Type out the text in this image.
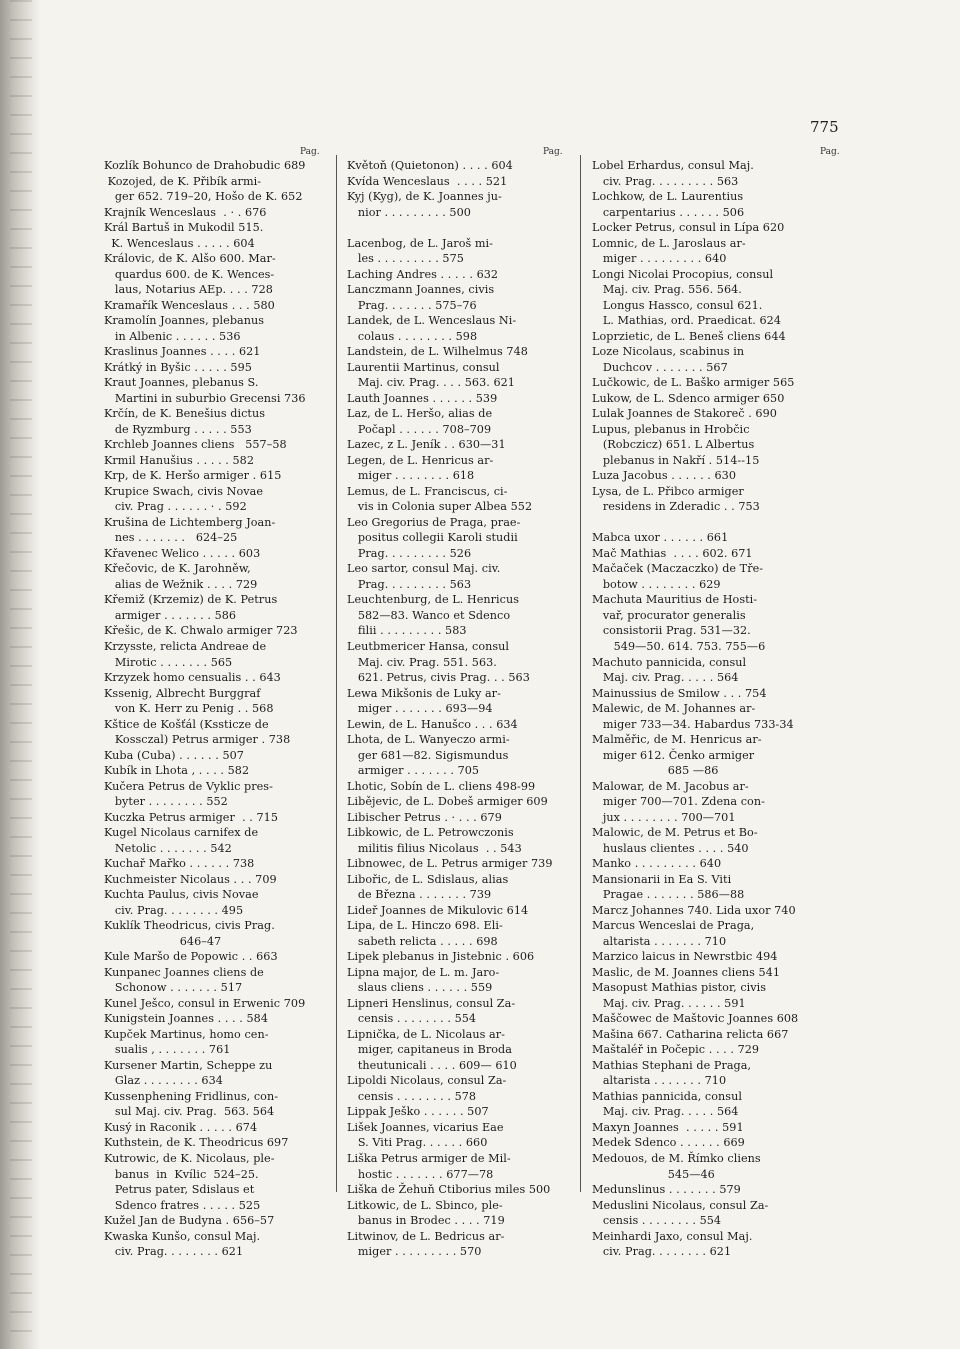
775
Pag.	Pag.	Pag.
Kozlík Bohunco de Drahobudic 689
Kozojed, de K. Přibík armi-
ger 652. 719–20, Hošo de K. 652
Krajník Wenceslaus  . · . 676
Král Bartuš in Mukodil 515.
K. Wenceslaus . . . . . 604
Královic, de K. Alšo 600. Mar-
quardus 600. de K. Wences-
laus, Notarius AEp. . . . 728
Kramařík Wenceslaus . . . 580
Kramolín Joannes, plebanus
in Albenic . . . . . . 536
Kraslinus Joannes . . . . 621
Krátký in Byšic . . . . . 595
Kraut Joannes, plebanus S.
Martini in suburbio Grecensi 736
Krčín, de K. Benešius dictus
de Ryzmburg . . . . . 553
Krchleb Joannes cliens   557–58
Krmil Hanušius . . . . . 582
Krp, de K. Heršo armiger . 615
Krupice Swach, civis Novae
civ. Prag . . . . . . · . 592
Krušina de Lichtemberg Joan-
nes . . . . . . .   624–25
Křavenec Welico . . . . . 603
Křečovic, de K. Jarohněw,
alias de Wežnik . . . . 729
Křemiž (Krzemiz) de K. Petrus
armiger . . . . . . . 586
Křešic, de K. Chwalo armiger 723
Krzysste, relicta Andreae de
Mirotic . . . . . . . 565
Krzyzek homo censualis . . 643
Kssenig, Albrecht Burggraf
von K. Herr zu Penig . . 568
Kštice de Košťál (Kssticze de
Kossczal) Petrus armiger . 738
Kuba (Cuba) . . . . . . 507
Kubík in Lhota , . . . . 582
Kučera Petrus de Vyklic pres-
byter . . . . . . . . 552
Kuczka Petrus armiger  . . 715
Kugel Nicolaus carnifex de
Netolic . . . . . . . 542
Kuchař Mařko . . . . . . 738
Kuchmeister Nicolaus . . . 709
Kuchta Paulus, civis Novae
civ. Prag. . . . . . . . 495
Kuklík Theodricus, civis Prag.
646–47
Kule Maršo de Popowic . . 663
Kunpanec Joannes cliens de
Schonow . . . . . . . 517
Kunel Ješco, consul in Erwenic 709
Kunigstein Joannes . . . . 584
Kupček Martinus, homo cen-
sualis , . . . . . . . 761
Kursener Martin, Scheppe zu
Glaz . . . . . . . . 634
Kussenphening Fridlinus, con-
sul Maj. civ. Prag.  563. 564
Kusý in Raconik . . . . . 674
Kuthstein, de K. Theodricus 697
Kutrowic, de K. Nicolaus, ple-
banus  in  Kvílic  524–25.
Petrus pater, Sdislaus et
Sdenco fratres . . . . . 525
Kužel Jan de Budyna . 656–57
Kwaska Kunšo, consul Maj.
civ. Prag. . . . . . . . 621
Květoň (Quietonon) . . . . 604
Kvída Wenceslaus  . . . . 521
Kyj (Kyg), de K. Joannes ju-
nior . . . . . . . . . 500
Lacenbog, de L. Jaroš mi-
les . . . . . . . . . 575
Laching Andres . . . . . 632
Lanczmann Joannes, civis
Prag. . . . . . . 575–76
Landek, de L. Wenceslaus Ni-
colaus . . . . . . . . 598
Landstein, de L. Wilhelmus 748
Laurentii Martinus, consul
Maj. civ. Prag. . . . 563. 621
Lauth Joannes . . . . . . 539
Laz, de L. Heršo, alias de
Počapl . . . . . . 708–709
Lazec, z L. Jeník . . 630—31
Legen, de L. Henricus ar-
miger . . . . . . . . 618
Lemus, de L. Franciscus, ci-
vis in Colonia super Albea 552
Leo Gregorius de Praga, prae-
positus collegii Karoli studii
Prag. . . . . . . . . 526
Leo sartor, consul Maj. civ.
Prag. . . . . . . . . 563
Leuchtenburg, de L. Henricus
582—83. Wanco et Sdenco
filii . . . . . . . . . 583
Leutbmericer Hansa, consul
Maj. civ. Prag. 551. 563.
621. Petrus, civis Prag. . . 563
Lewa Mikšonis de Luky ar-
miger . . . . . . . 693—94
Lewin, de L. Hanušco . . . 634
Lhota, de L. Wanyeczo armi-
ger 681—82. Sigismundus
armiger . . . . . . . 705
Lhotic, Sobín de L. cliens 498-99
Liběјevic, de L. Dobeš armiger 609
Libischer Petrus . · . . . 679
Libkowic, de L. Petrowczonis
militis filius Nicolaus  . . 543
Libnowec, de L. Petrus armiger 739
Libořic, de L. Sdislaus, alias
de Března . . . . . . . 739
Lideř Joannes de Mikulovic 614
Lipa, de L. Hinczo 698. Eli-
sabeth relicta . . . . . 698
Lipek plebanus in Jistebnic . 606
Lipna major, de L. m. Jaro-
slaus cliens . . . . . . 559
Lipneri Henslinus, consul Za-
censis . . . . . . . . 554
Lipnička, de L. Nicolaus ar-
miger, capitaneus in Broda
theutunicali . . . . 609— 610
Lipoldi Nicolaus, consul Za-
censis . . . . . . . . 578
Lippak Ješko . . . . . . 507
Lišek Joannes, vicarius Eae
S. Viti Prag. . . . . . 660
Liška Petrus armiger de Mil-
hostic . . . . . . . 677—78
Liška de Žehuň Ctiborius miles 500
Litkowic, de L. Sbinco, ple-
banus in Brodec . . . . 719
Litwinov, de L. Bedricus ar-
miger . . . . . . . . . 570
Lobel Erhardus, consul Maj.
civ. Prag. . . . . . . . . 563
Lochkow, de L. Laurentius
carpentarius . . . . . . 506
Locker Petrus, consul in Lípa 620
Lomnic, de L. Jaroslaus ar-
miger . . . . . . . . . 640
Longi Nicolai Procopius, consul
Maj. civ. Prag. 556. 564.
Longus Hassco, consul 621.
L. Mathias, ord. Praedicat. 624
Loprzietic, de L. Beneš cliens 644
Loze Nicolaus, scabinus in
Duchcov . . . . . . . 567
Lučkowic, de L. Baško armiger 565
Lukow, de L. Sdenco armiger 650
Lulak Joannes de Stakoreč . 690
Lupus, plebanus in Hrobčic
(Robczicz) 651. L Albertus
plebanus in Nakří . 514--15
Luza Jacobus . . . . . . 630
Lysa, de L. Přibco armiger
residens in Zderadic . . 753
Mabca uxor . . . . . . 661
Mač Mathias  . . . . 602. 671
Mačaček (Maczaczko) de Tře-
botow . . . . . . . . 629
Machuta Mauritius de Hosti-
vař, procurator generalis
consistorii Prag. 531—32.
549—50. 614. 753. 755—6
Machuto pannicida, consul
Maj. civ. Prag. . . . . 564
Mainussius de Smilow . . . 754
Malewic, de M. Johannes ar-
miger 733—34. Habardus 733-34
Malměřic, de M. Henricus ar-
miger 612. Čenko armiger
685 —86
Malowar, de M. Jacobus ar-
miger 700—701. Zdena con-
jux . . . . . . . . 700—701
Malowic, de M. Petrus et Bo-
huslaus clientes . . . . 540
Manko . . . . . . . . . 640
Mansionarii in Ea S. Viti
Pragae . . . . . . . 586—88
Marcz Johannes 740. Lida uxor 740
Marcus Wenceslai de Praga,
altarista . . . . . . . 710
Marzico laicus in Newrstbic 494
Maslic, de M. Joannes cliens 541
Masopust Mathias pistor, civis
Maj. civ. Prag. . . . . . 591
Maščowec de Maštovic Joannes 608
Mašina 667. Catharina relicta 667
Maštaléř in Počepic . . . . 729
Mathias Stephani de Praga,
altarista . . . . . . . 710
Mathias pannicida, consul
Maj. civ. Prag. . . . . 564
Maxyn Joannes  . . . . . 591
Medek Sdenco . . . . . . 669
Medouos, de M. Římko cliens
545—46
Medunslinus . . . . . . . 579
Meduslini Nicolaus, consul Za-
censis . . . . . . . . 554
Meinhardi Jaxo, consul Maj.
civ. Prag. . . . . . . . 621
